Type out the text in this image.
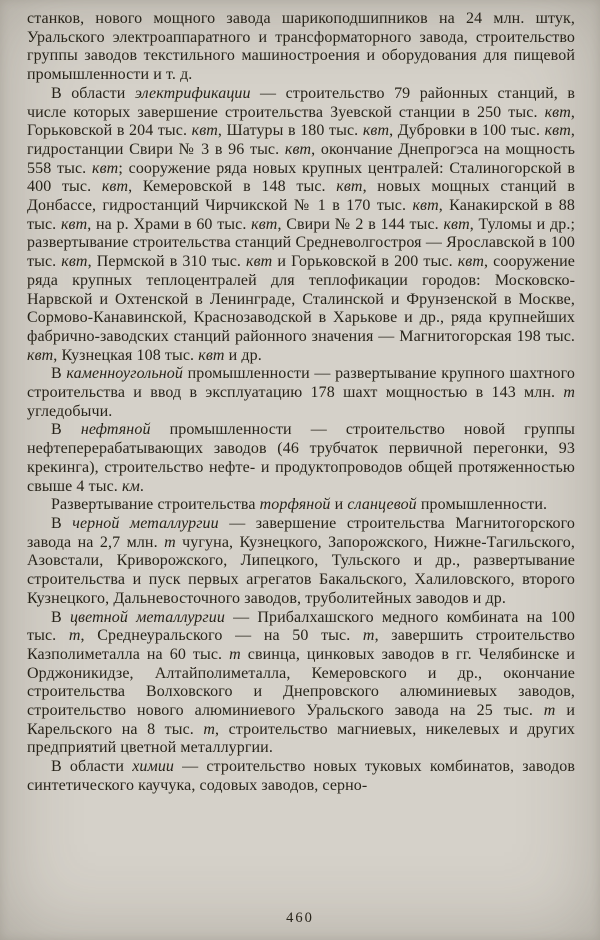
станков, нового мощного завода шарикоподшипников на 24 млн. штук, Уральского электроаппаратного и трансформаторного завода, строительство группы заводов текстильного машиностроения и оборудования для пищевой промышленности и т. д.

В области электрификации — строительство 79 районных станций, в числе которых завершение строительства Зуевской станции в 250 тыс. квт, Горьковской в 204 тыс. квт, Шатуры в 180 тыс. квт, Дубровки в 100 тыс. квт, гидростанции Свири № 3 в 96 тыс. квт, окончание Днепрогэса на мощность 558 тыс. квт; сооружение ряда новых крупных централей: Сталиногорской в 400 тыс. квт, Кемеровской в 148 тыс. квт, новых мощных станций в Донбассе, гидростанций Чирчикской № 1 в 170 тыс. квт, Канакирской в 88 тыс. квт, на р. Храми в 60 тыс. квт, Свири № 2 в 144 тыс. квт, Туломы и др.; развертывание строительства станций Средневолгостроя — Ярославской в 100 тыс. квт, Пермской в 310 тыс. квт и Горьковской в 200 тыс. квт, сооружение ряда крупных теплоцентралей для теплофикации городов: Московско-Нарвской и Охтенской в Ленинграде, Сталинской и Фрунзенской в Москве, Сормово-Канавинской, Краснозаводской в Харькове и др., ряда крупнейших фабрично-заводских станций районного значения — Магнитогорская 198 тыс. квт, Кузнецкая 108 тыс. квт и др.

В каменноугольной промышленности — развертывание крупного шахтного строительства и ввод в эксплуатацию 178 шахт мощностью в 143 млн. т угледобычи.

В нефтяной промышленности — строительство новой группы нефтеперерабатывающих заводов (46 трубчаток первичной перегонки, 93 крекинга), строительство нефте- и продуктопроводов общей протяженностью свыше 4 тыс. км.

Развертывание строительства торфяной и сланцевой промышленности.

В черной металлургии — завершение строительства Магнитогорского завода на 2,7 млн. т чугуна, Кузнецкого, Запорожского, Нижне-Тагильского, Азовстали, Криворожского, Липецкого, Тульского и др., развертывание строительства и пуск первых агрегатов Бакальского, Халиловского, второго Кузнецкого, Дальневосточного заводов, труболитейных заводов и др.

В цветной металлургии — Прибалхашского медного комбината на 100 тыс. т, Среднеуральского — на 50 тыс. т, завершить строительство Казполиметалла на 60 тыс. т свинца, цинковых заводов в гг. Челябинске и Орджоникидзе, Алтайполиметалла, Кемеровского и др., окончание строительства Волховского и Днепровского алюминиевых заводов, строительство нового алюминиевого Уральского завода на 25 тыс. т и Карельского на 8 тыс. т, строительство магниевых, никелевых и других предприятий цветной металлургии.

В области химии — строительство новых туковых комбинатов, заводов синтетического каучука, содовых заводов, серно-

460
